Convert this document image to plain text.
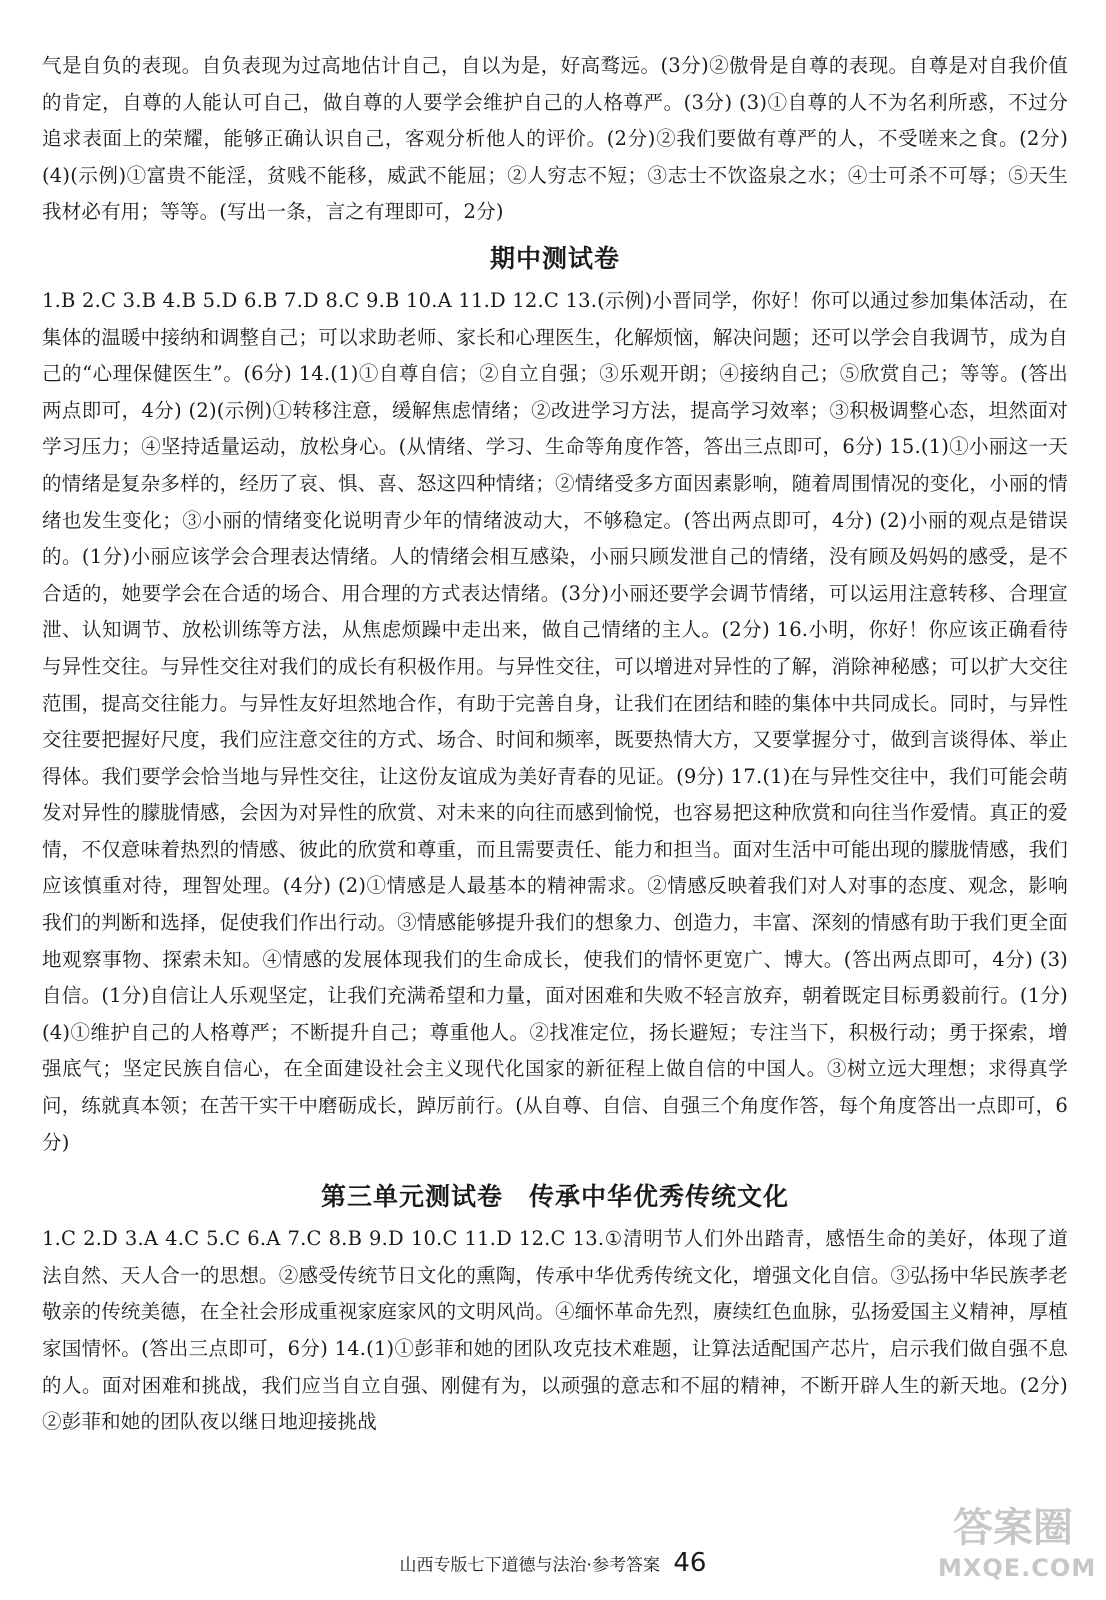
气是自负的表现。自负表现为过高地估计自己，自以为是，好高骛远。(3分)②傲骨是自尊的表现。自尊是对自我价值的肯定，自尊的人能认可自己，做自尊的人要学会维护自己的人格尊严。(3分) (3)①自尊的人不为名利所惑，不过分追求表面上的荣耀，能够正确认识自己，客观分析他人的评价。(2分)②我们要做有尊严的人，不受嗟来之食。(2分) (4)(示例)①富贵不能淫，贫贱不能移，威武不能屈；②人穷志不短；③志士不饮盗泉之水；④士可杀不可辱；⑤天生我材必有用；等等。(写出一条，言之有理即可，2分)

期中测试卷

1.B 2.C 3.B 4.B 5.D 6.B 7.D 8.C 9.B 10.A 11.D 12.C 13.(示例)小晋同学，你好！你可以通过参加集体活动，在集体的温暖中接纳和调整自己；可以求助老师、家长和心理医生，化解烦恼，解决问题；还可以学会自我调节，成为自己的“心理保健医生”。(6分) 14.(1)①自尊自信；②自立自强；③乐观开朗；④接纳自己；⑤欣赏自己；等等。(答出两点即可，4分) (2)(示例)①转移注意，缓解焦虑情绪；②改进学习方法，提高学习效率；③积极调整心态，坦然面对学习压力；④坚持适量运动，放松身心。(从情绪、学习、生命等角度作答，答出三点即可，6分) 15.(1)①小丽这一天的情绪是复杂多样的，经历了哀、惧、喜、怒这四种情绪；②情绪受多方面因素影响，随着周围情况的变化，小丽的情绪也发生变化；③小丽的情绪变化说明青少年的情绪波动大，不够稳定。(答出两点即可，4分) (2)小丽的观点是错误的。(1分)小丽应该学会合理表达情绪。人的情绪会相互感染，小丽只顾发泄自己的情绪，没有顾及妈妈的感受，是不合适的，她要学会在合适的场合、用合理的方式表达情绪。(3分)小丽还要学会调节情绪，可以运用注意转移、合理宣泄、认知调节、放松训练等方法，从焦虑烦躁中走出来，做自己情绪的主人。(2分) 16.小明，你好！你应该正确看待与异性交往。与异性交往对我们的成长有积极作用。与异性交往，可以增进对异性的了解，消除神秘感；可以扩大交往范围，提高交往能力。与异性友好坦然地合作，有助于完善自身，让我们在团结和睦的集体中共同成长。同时，与异性交往要把握好尺度，我们应注意交往的方式、场合、时间和频率，既要热情大方，又要掌握分寸，做到言谈得体、举止得体。我们要学会恰当地与异性交往，让这份友谊成为美好青春的见证。(9分) 17.(1)在与异性交往中，我们可能会萌发对异性的朦胧情感，会因为对异性的欣赏、对未来的向往而感到愉悦，也容易把这种欣赏和向往当作爱情。真正的爱情，不仅意味着热烈的情感、彼此的欣赏和尊重，而且需要责任、能力和担当。面对生活中可能出现的朦胧情感，我们应该慎重对待，理智处理。(4分) (2)①情感是人最基本的精神需求。②情感反映着我们对人对事的态度、观念，影响我们的判断和选择，促使我们作出行动。③情感能够提升我们的想象力、创造力，丰富、深刻的情感有助于我们更全面地观察事物、探索未知。④情感的发展体现我们的生命成长，使我们的情怀更宽广、博大。(答出两点即可，4分) (3)自信。(1分)自信让人乐观坚定，让我们充满希望和力量，面对困难和失败不轻言放弃，朝着既定目标勇毅前行。(1分) (4)①维护自己的人格尊严；不断提升自己；尊重他人。②找准定位，扬长避短；专注当下，积极行动；勇于探索，增强底气；坚定民族自信心，在全面建设社会主义现代化国家的新征程上做自信的中国人。③树立远大理想；求得真学问，练就真本领；在苦干实干中磨砺成长，踔厉前行。(从自尊、自信、自强三个角度作答，每个角度答出一点即可，6分)

第三单元测试卷　传承中华优秀传统文化

1.C 2.D 3.A 4.C 5.C 6.A 7.C 8.B 9.D 10.C 11.D 12.C 13.①清明节人们外出踏青，感悟生命的美好，体现了道法自然、天人合一的思想。②感受传统节日文化的熏陶，传承中华优秀传统文化，增强文化自信。③弘扬中华民族孝老敬亲的传统美德，在全社会形成重视家庭家风的文明风尚。④缅怀革命先烈，赓续红色血脉，弘扬爱国主义精神，厚植家国情怀。(答出三点即可，6分) 14.(1)①彭菲和她的团队攻克技术难题，让算法适配国产芯片，启示我们做自强不息的人。面对困难和挑战，我们应当自立自强、刚健有为，以顽强的意志和不屈的精神，不断开辟人生的新天地。(2分)②彭菲和她的团队夜以继日地迎接挑战

山西专版七下道德与法治·参考答案 46
答案圈
MXQE.COM
